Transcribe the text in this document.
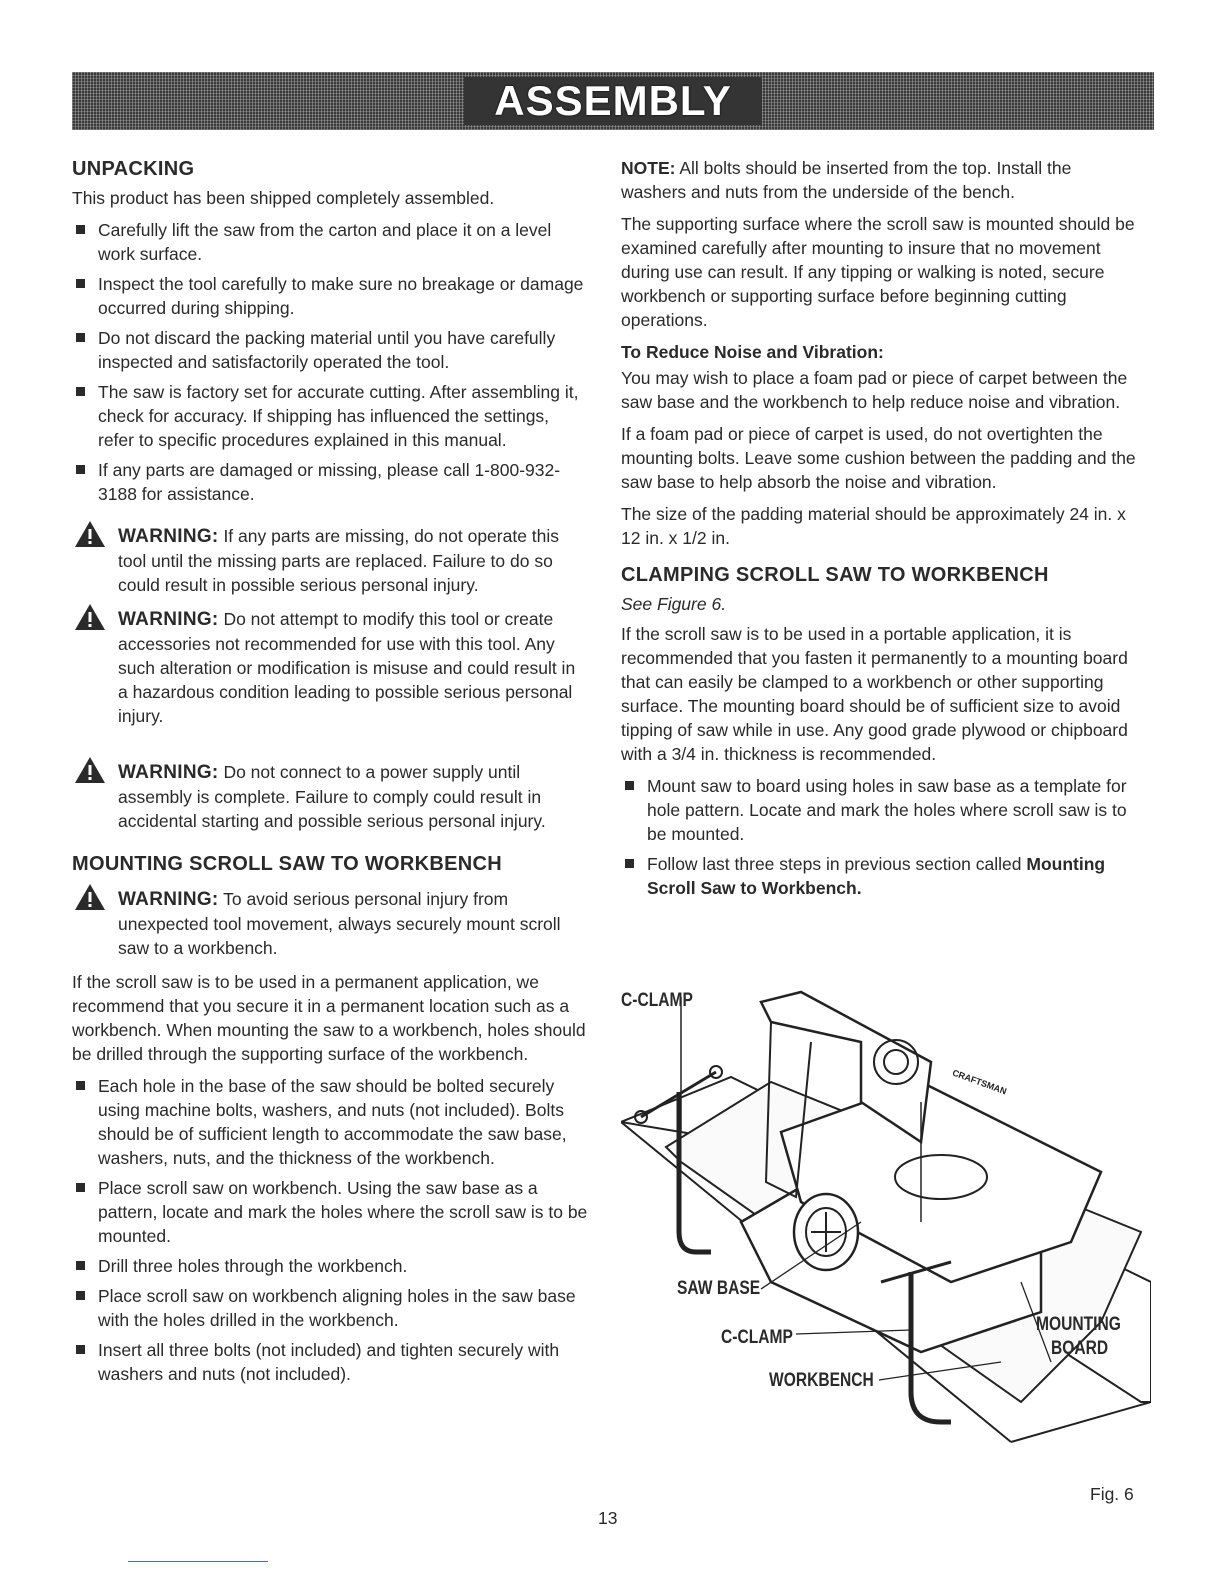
ASSEMBLY
UNPACKING

This product has been shipped completely assembled.

Carefully lift the saw from the carton and place it on a level work surface.
Inspect the tool carefully to make sure no breakage or damage occurred during shipping.
Do not discard the packing material until you have carefully inspected and satisfactorily operated the tool.
The saw is factory set for accurate cutting. After assembling it, check for accuracy. If shipping has influenced the settings, refer to specific procedures explained in this manual.
If any parts are damaged or missing, please call 1-800-932-3188 for assistance.
WARNING: If any parts are missing, do not operate this tool until the missing parts are replaced. Failure to do so could result in possible serious personal injury.
WARNING: Do not attempt to modify this tool or create accessories not recommended for use with this tool. Any such alteration or modification is misuse and could result in a hazardous condition leading to possible serious personal injury.
WARNING: Do not connect to a power supply until assembly is complete. Failure to comply could result in accidental starting and possible serious personal injury.
MOUNTING SCROLL SAW TO WORKBENCH
WARNING: To avoid serious personal injury from unexpected tool movement, always securely mount scroll saw to a workbench.

If the scroll saw is to be used in a permanent application, we recommend that you secure it in a permanent location such as a workbench. When mounting the saw to a workbench, holes should be drilled through the supporting surface of the workbench.

Each hole in the base of the saw should be bolted securely using machine bolts, washers, and nuts (not included). Bolts should be of sufficient length to accommodate the saw base, washers, nuts, and the thickness of the workbench.
Place scroll saw on workbench. Using the saw base as a pattern, locate and mark the holes where the scroll saw is to be mounted.
Drill three holes through the workbench.
Place scroll saw on workbench aligning holes in the saw base with the holes drilled in the workbench.
Insert all three bolts (not included) and tighten securely with washers and nuts (not included).

NOTE: All bolts should be inserted from the top. Install the washers and nuts from the underside of the bench.

The supporting surface where the scroll saw is mounted should be examined carefully after mounting to insure that no movement during use can result. If any tipping or walking is noted, secure workbench or supporting surface before beginning cutting operations.

To Reduce Noise and Vibration:

You may wish to place a foam pad or piece of carpet between the saw base and the workbench to help reduce noise and vibration.

If a foam pad or piece of carpet is used, do not overtighten the mounting bolts. Leave some cushion between the padding and the saw base to help absorb the noise and vibration.

The size of the padding material should be approximately 24 in. x 12 in. x 1/2 in.

CLAMPING SCROLL SAW TO WORKBENCH

See Figure 6.

If the scroll saw is to be used in a portable application, it is recommended that you fasten it permanently to a mounting board that can easily be clamped to a workbench or other supporting surface. The mounting board should be of sufficient size to avoid tipping of saw while in use. Any good grade plywood or chipboard with a 3/4 in. thickness is recommended.

Mount saw to board using holes in saw base as a template for hole pattern. Locate and mark the holes where scroll saw is to be mounted.
Follow last three steps in previous section called Mounting Scroll Saw to Workbench.
C-CLAMP
SAW BASE
C-CLAMP
WORKBENCH
MOUNTING
BOARD
CRAFTSMAN
Fig. 6
13
